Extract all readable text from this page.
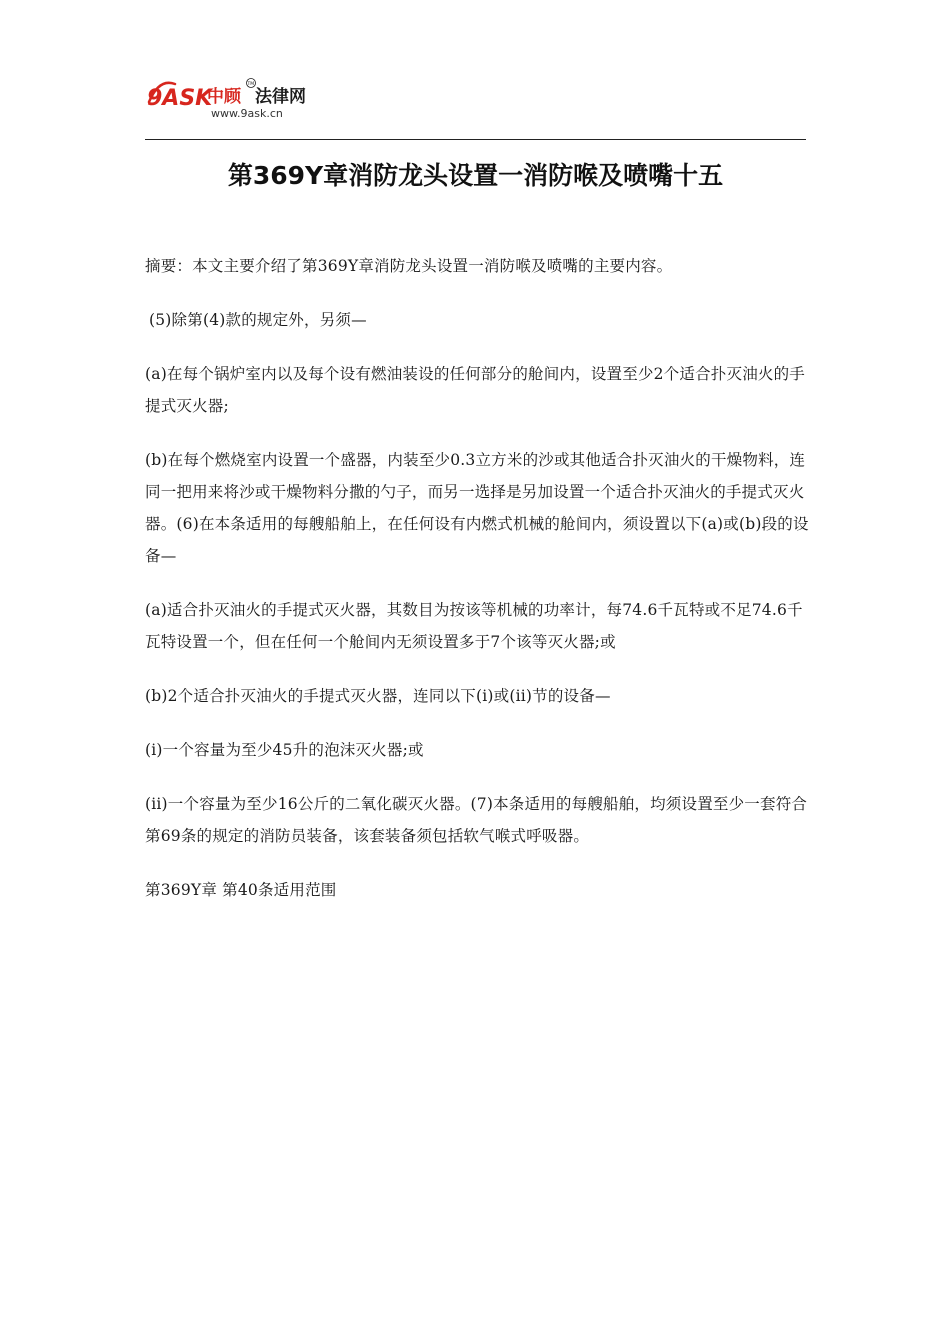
9ASK
中顾
TM
法律网
www.9ask.cn
第369Y章消防龙头设置一消防喉及喷嘴十五

摘要：本文主要介绍了第369Y章消防龙头设置一消防喉及喷嘴的主要内容。

(5)除第(4)款的规定外，另须—

(a)在每个锅炉室内以及每个设有燃油装设的任何部分的舱间内，设置至少2个适合扑灭油火的手提式灭火器;

(b)在每个燃烧室内设置一个盛器，内装至少0.3立方米的沙或其他适合扑灭油火的干燥物料，连同一把用来将沙或干燥物料分撒的勺子，而另一选择是另加设置一个适合扑灭油火的手提式灭火器。(6)在本条适用的每艘船舶上，在任何设有内燃式机械的舱间内，须设置以下(a)或(b)段的设备—

(a)适合扑灭油火的手提式灭火器，其数目为按该等机械的功率计，每74.6千瓦特或不足74.6千瓦特设置一个，但在任何一个舱间内无须设置多于7个该等灭火器;或

(b)2个适合扑灭油火的手提式灭火器，连同以下(i)或(ii)节的设备—

(i)一个容量为至少45升的泡沫灭火器;或

(ii)一个容量为至少16公斤的二氧化碳灭火器。(7)本条适用的每艘船舶，均须设置至少一套符合第69条的规定的消防员装备，该套装备须包括软气喉式呼吸器。

第369Y章 第40条适用范围
